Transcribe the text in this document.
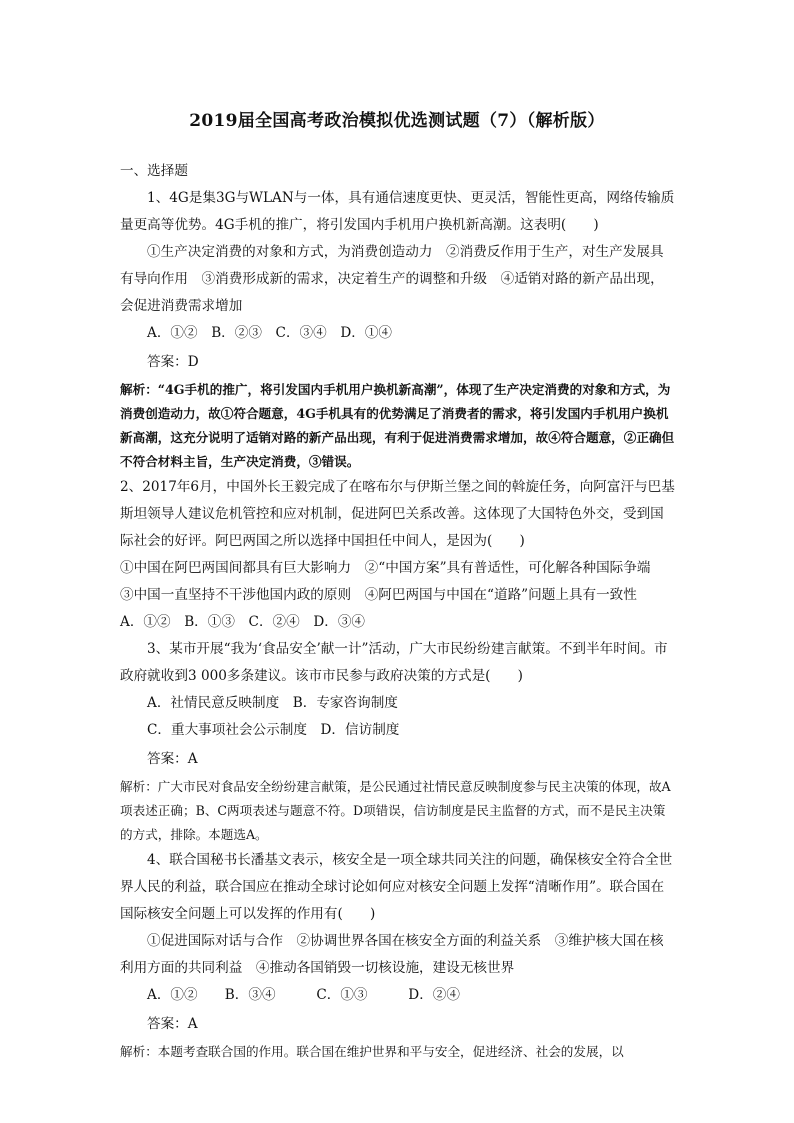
2019届全国高考政治模拟优选测试题（7）（解析版）

一、选择题

1、4G是集3G与WLAN与一体，具有通信速度更快、更灵活，智能性更高，网络传输质量更高等优势。4G手机的推广，将引发国内手机用户换机新高潮。这表明(　　)

①生产决定消费的对象和方式，为消费创造动力　②消费反作用于生产，对生产发展具有导向作用　③消费形成新的需求，决定着生产的调整和升级　④适销对路的新产品出现，会促进消费需求增加

A．①②　B．②③　C．③④　D．①④

答案：D

解析：“4G手机的推广，将引发国内手机用户换机新高潮”，体现了生产决定消费的对象和方式，为消费创造动力，故①符合题意，4G手机具有的优势满足了消费者的需求，将引发国内手机用户换机新高潮，这充分说明了适销对路的新产品出现，有利于促进消费需求增加，故④符合题意，②正确但不符合材料主旨，生产决定消费，③错误。

2、2017年6月，中国外长王毅完成了在喀布尔与伊斯兰堡之间的斡旋任务，向阿富汗与巴基斯坦领导人建议危机管控和应对机制，促进阿巴关系改善。这体现了大国特色外交，受到国际社会的好评。阿巴两国之所以选择中国担任中间人，是因为(　　)

①中国在阿巴两国间都具有巨大影响力　②“中国方案”具有普适性，可化解各种国际争端

③中国一直坚持不干涉他国内政的原则　④阿巴两国与中国在“道路”问题上具有一致性

A．①②　B．①③　C．②④　D．③④

3、某市开展“我为‘食品安全’献一计”活动，广大市民纷纷建言献策。不到半年时间。市政府就收到3 000多条建议。该市市民参与政府决策的方式是(　　)

A．社情民意反映制度　B．专家咨询制度

C．重大事项社会公示制度　D．信访制度

答案：A

解析：广大市民对食品安全纷纷建言献策，是公民通过社情民意反映制度参与民主决策的体现，故A项表述正确；B、C两项表述与题意不符。D项错误，信访制度是民主监督的方式，而不是民主决策的方式，排除。本题选A。

4、联合国秘书长潘基文表示，核安全是一项全球共同关注的问题，确保核安全符合全世界人民的利益，联合国应在推动全球讨论如何应对核安全问题上发挥“清晰作用”。联合国在国际核安全问题上可以发挥的作用有(　　)

①促进国际对话与合作　②协调世界各国在核安全方面的利益关系　③维护核大国在核利用方面的共同利益　④推动各国销毁一切核设施，建设无核世界

A．①②　　B．③④　　　C．①③　　　D．②④

答案：A

解析：本题考查联合国的作用。联合国在维护世界和平与安全，促进经济、社会的发展，以
